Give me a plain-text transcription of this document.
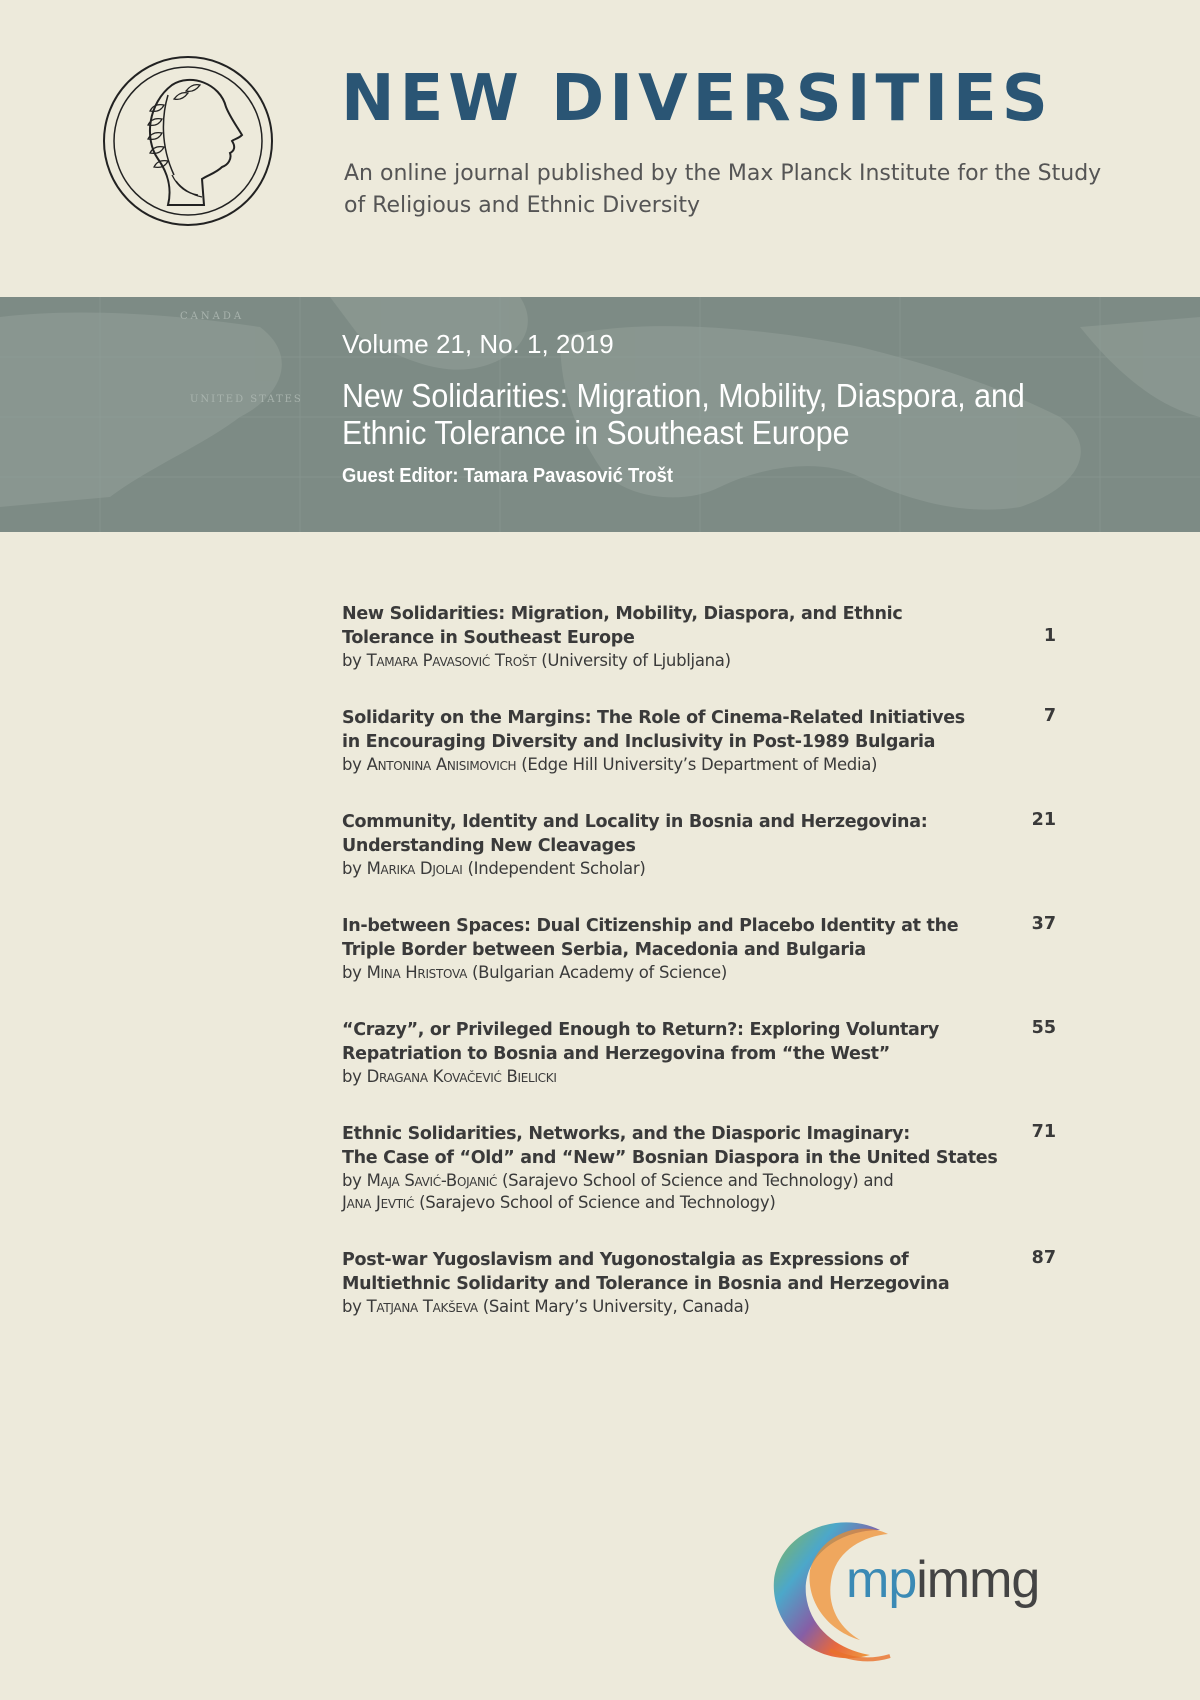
NEW DIVERSITIES

An online journal published by the Max Planck Institute for the Study of Religious and Ethnic Diversity

CANADA
UNITED STATES
Volume 21, No. 1, 2019
New Solidarities: Migration, Mobility, Diaspora, and Ethnic Tolerance in Southeast Europe
Guest Editor: Tamara Pavasović Trošt
New Solidarities: Migration, Mobility, Diaspora, and Ethnic Tolerance in Southeast Europe
by Tamara Pavasović Trošt (University of Ljubljana)
1
Solidarity on the Margins: The Role of Cinema-Related Initiatives in Encouraging Diversity and Inclusivity in Post-1989 Bulgaria
by Antonina Anisimovich (Edge Hill University’s Department of Media)
7
Community, Identity and Locality in Bosnia and Herzegovina: Understanding New Cleavages
by Marika Djolai (Independent Scholar)
21
In-between Spaces: Dual Citizenship and Placebo Identity at the Triple Border between Serbia, Macedonia and Bulgaria
by Mina Hristova (Bulgarian Academy of Science)
37
“Crazy”, or Privileged Enough to Return?: Exploring Voluntary Repatriation to Bosnia and Herzegovina from “the West”
by Dragana Kovačević Bielicki
55
Ethnic Solidarities, Networks, and the Diasporic Imaginary:
The Case of “Old” and “New” Bosnian Diaspora in the United States
by Maja Savić-Bojanić (Sarajevo School of Science and Technology) and
Jana Jevtić (Sarajevo School of Science and Technology)
71
Post-war Yugoslavism and Yugonostalgia as Expressions of Multiethnic Solidarity and Tolerance in Bosnia and Herzegovina
by Tatjana Takševa (Saint Mary’s University, Canada)
87
mpimmg
